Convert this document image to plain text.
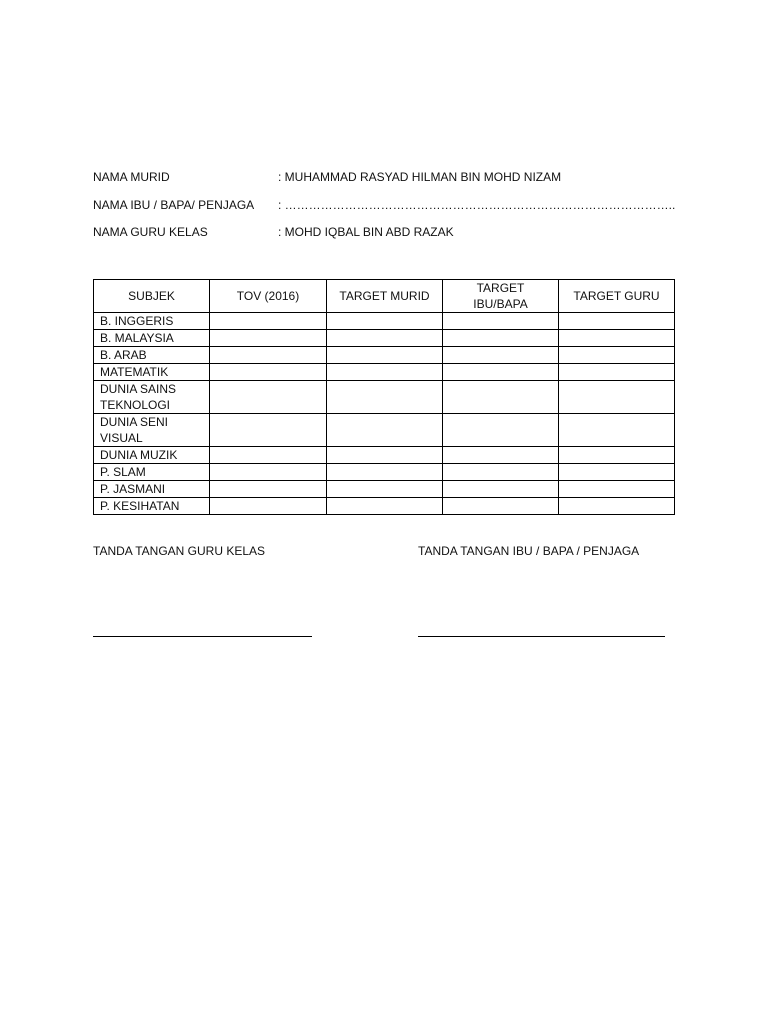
NAMA MURID	: MUHAMMAD RASYAD HILMAN BIN MOHD NIZAM
NAMA IBU / BAPA/ PENJAGA : ……………………………………………………………………………………..
NAMA GURU KELAS	: MOHD IQBAL BIN ABD RAZAK
SUBJEK	TOV (2016)	TARGET MURID	TARGET IBU/BAPA	TARGET GURU
B. INGGERIS				
B. MALAYSIA				
B. ARAB				
MATEMATIK				
DUNIA SAINS TEKNOLOGI				
DUNIA SENI VISUAL				
DUNIA MUZIK				
P. SLAM				
P. JASMANI				
P. KESIHATAN				
TANDA TANGAN GURU KELAS	TANDA TANGAN IBU / BAPA / PENJAGA
